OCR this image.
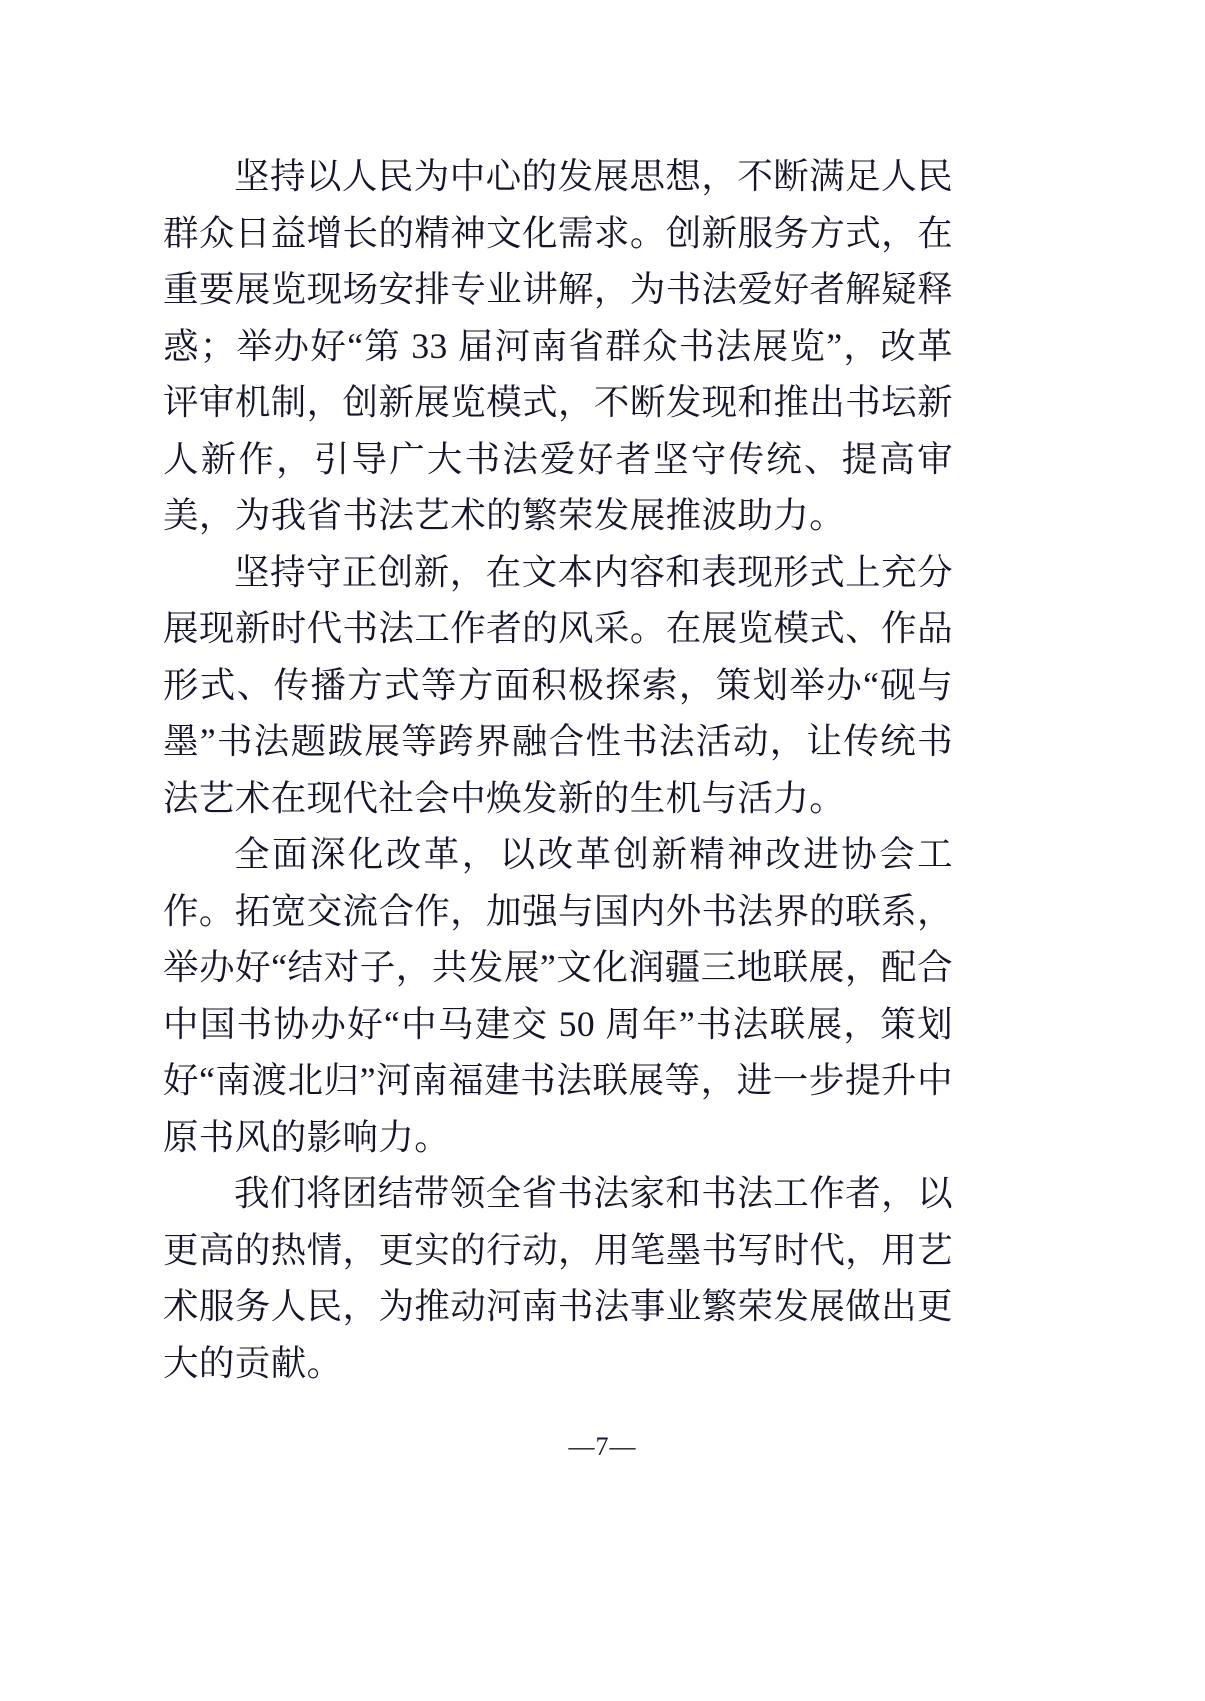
坚持以人民为中心的发展思想，不断满足人民群众日益增长的精神文化需求。创新服务方式，在重要展览现场安排专业讲解，为书法爱好者解疑释惑；举办好“第 33 届河南省群众书法展览”，改革评审机制，创新展览模式，不断发现和推出书坛新人新作，引导广大书法爱好者坚守传统、提高审美，为我省书法艺术的繁荣发展推波助力。

坚持守正创新，在文本内容和表现形式上充分展现新时代书法工作者的风采。在展览模式、作品形式、传播方式等方面积极探索，策划举办“砚与墨”书法题跋展等跨界融合性书法活动，让传统书法艺术在现代社会中焕发新的生机与活力。

全面深化改革，以改革创新精神改进协会工作。拓宽交流合作，加强与国内外书法界的联系，举办好“结对子，共发展”文化润疆三地联展，配合中国书协办好“中马建交 50 周年”书法联展，策划好“南渡北归”河南福建书法联展等，进一步提升中原书风的影响力。

我们将团结带领全省书法家和书法工作者，以更高的热情，更实的行动，用笔墨书写时代，用艺术服务人民，为推动河南书法事业繁荣发展做出更大的贡献。

—7—
